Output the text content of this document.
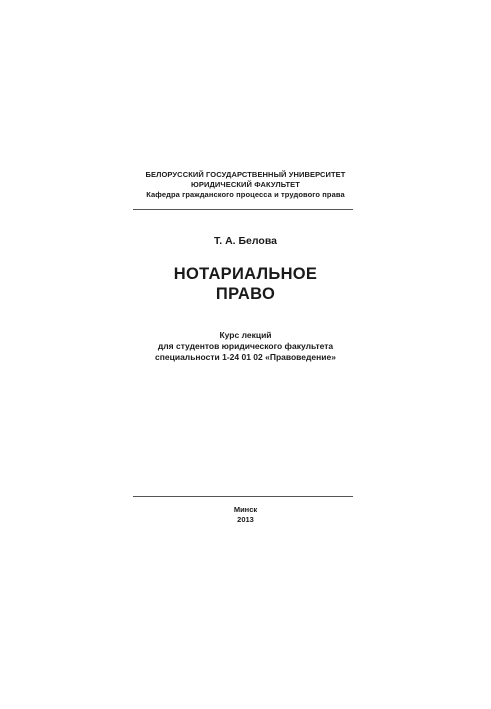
БЕЛОРУССКИЙ ГОСУДАРСТВЕННЫЙ УНИВЕРСИТЕТ
ЮРИДИЧЕСКИЙ ФАКУЛЬТЕТ
Кафедра гражданского процесса и трудового права
Т. А. Белова
НОТАРИАЛЬНОЕ
ПРАВО
Курс лекций
для студентов юридического факультета
специальности 1-24 01 02 «Правоведение»
Минск
2013
